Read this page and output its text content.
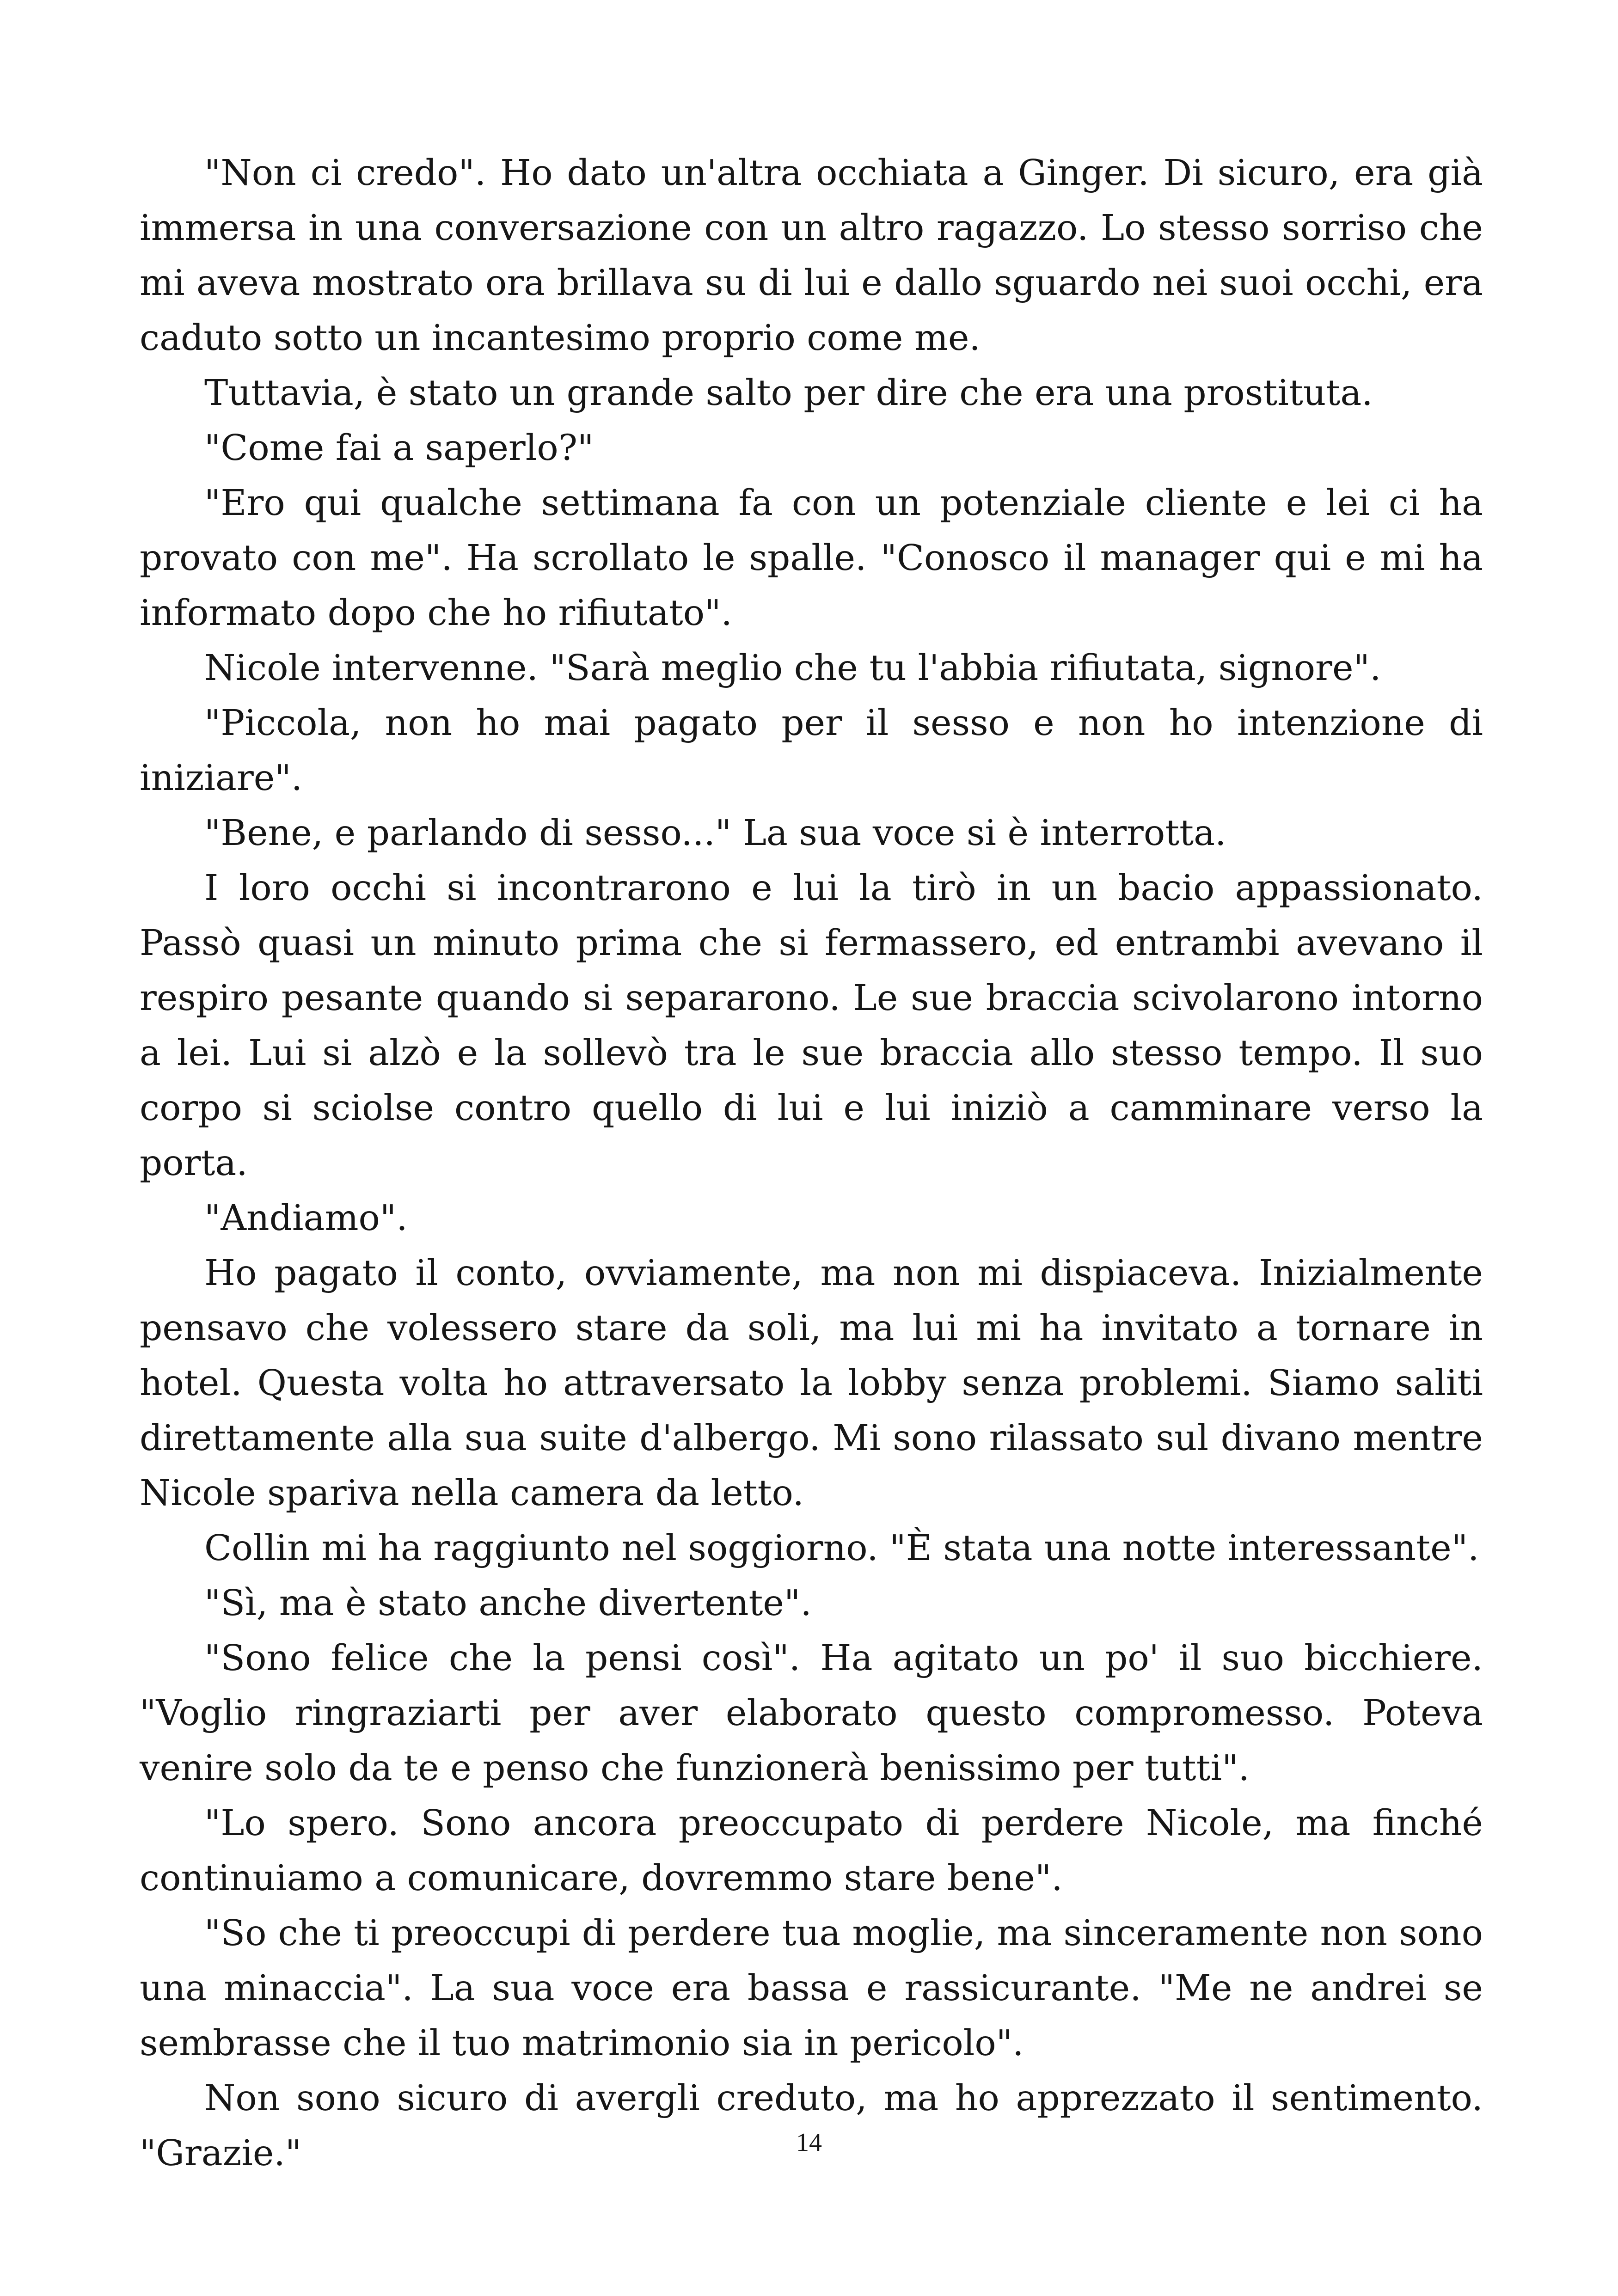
"Non ci credo". Ho dato un'altra occhiata a Ginger. Di sicuro, era già immersa in una conversazione con un altro ragazzo. Lo stesso sorriso che mi aveva mostrato ora brillava su di lui e dallo sguardo nei suoi occhi, era caduto sotto un incantesimo proprio come me.

Tuttavia, è stato un grande salto per dire che era una prostituta.

"Come fai a saperlo?"

"Ero qui qualche settimana fa con un potenziale cliente e lei ci ha provato con me". Ha scrollato le spalle. "Conosco il manager qui e mi ha informato dopo che ho rifiutato".

Nicole intervenne. "Sarà meglio che tu l'abbia rifiutata, signore".

"Piccola, non ho mai pagato per il sesso e non ho intenzione di iniziare".

"Bene, e parlando di sesso..." La sua voce si è interrotta.

I loro occhi si incontrarono e lui la tirò in un bacio appassionato. Passò quasi un minuto prima che si fermassero, ed entrambi avevano il respiro pesante quando si separarono. Le sue braccia scivolarono intorno a lei. Lui si alzò e la sollevò tra le sue braccia allo stesso tempo. Il suo corpo si sciolse contro quello di lui e lui iniziò a camminare verso la porta.

"Andiamo".

Ho pagato il conto, ovviamente, ma non mi dispiaceva. Inizialmente pensavo che volessero stare da soli, ma lui mi ha invitato a tornare in hotel. Questa volta ho attraversato la lobby senza problemi. Siamo saliti direttamente alla sua suite d'albergo. Mi sono rilassato sul divano mentre Nicole spariva nella camera da letto.

Collin mi ha raggiunto nel soggiorno. "È stata una notte interessante".

"Sì, ma è stato anche divertente".

"Sono felice che la pensi così". Ha agitato un po' il suo bicchiere. "Voglio ringraziarti per aver elaborato questo compromesso. Poteva venire solo da te e penso che funzionerà benissimo per tutti".

"Lo spero. Sono ancora preoccupato di perdere Nicole, ma finché continuiamo a comunicare, dovremmo stare bene".

"So che ti preoccupi di perdere tua moglie, ma sinceramente non sono una minaccia". La sua voce era bassa e rassicurante. "Me ne andrei se sembrasse che il tuo matrimonio sia in pericolo".

Non sono sicuro di avergli creduto, ma ho apprezzato il sentimento. "Grazie."	14
